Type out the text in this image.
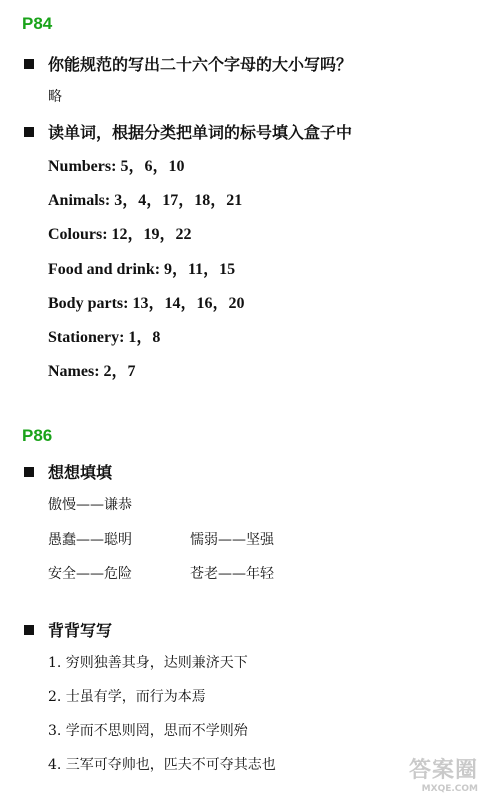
P84
你能规范的写出二十六个字母的大小写吗？
略
读单词，根据分类把单词的标号填入盒子中
Numbers: 5，6，10
Animals: 3，4，17，18，21
Colours: 12，19，22
Food and drink: 9，11，15
Body parts: 13，14，16，20
Stationery: 1，8
Names: 2，7
P86
想想填填
傲慢——谦恭
愚蠢——聪明	懦弱——坚强
安全——危险	苍老——年轻
背背写写
1. 穷则独善其身，达则兼济天下
2. 士虽有学，而行为本焉
3. 学而不思则罔，思而不学则殆
4. 三军可夺帅也，匹夫不可夺其志也	答案圈
MXQE.COM
